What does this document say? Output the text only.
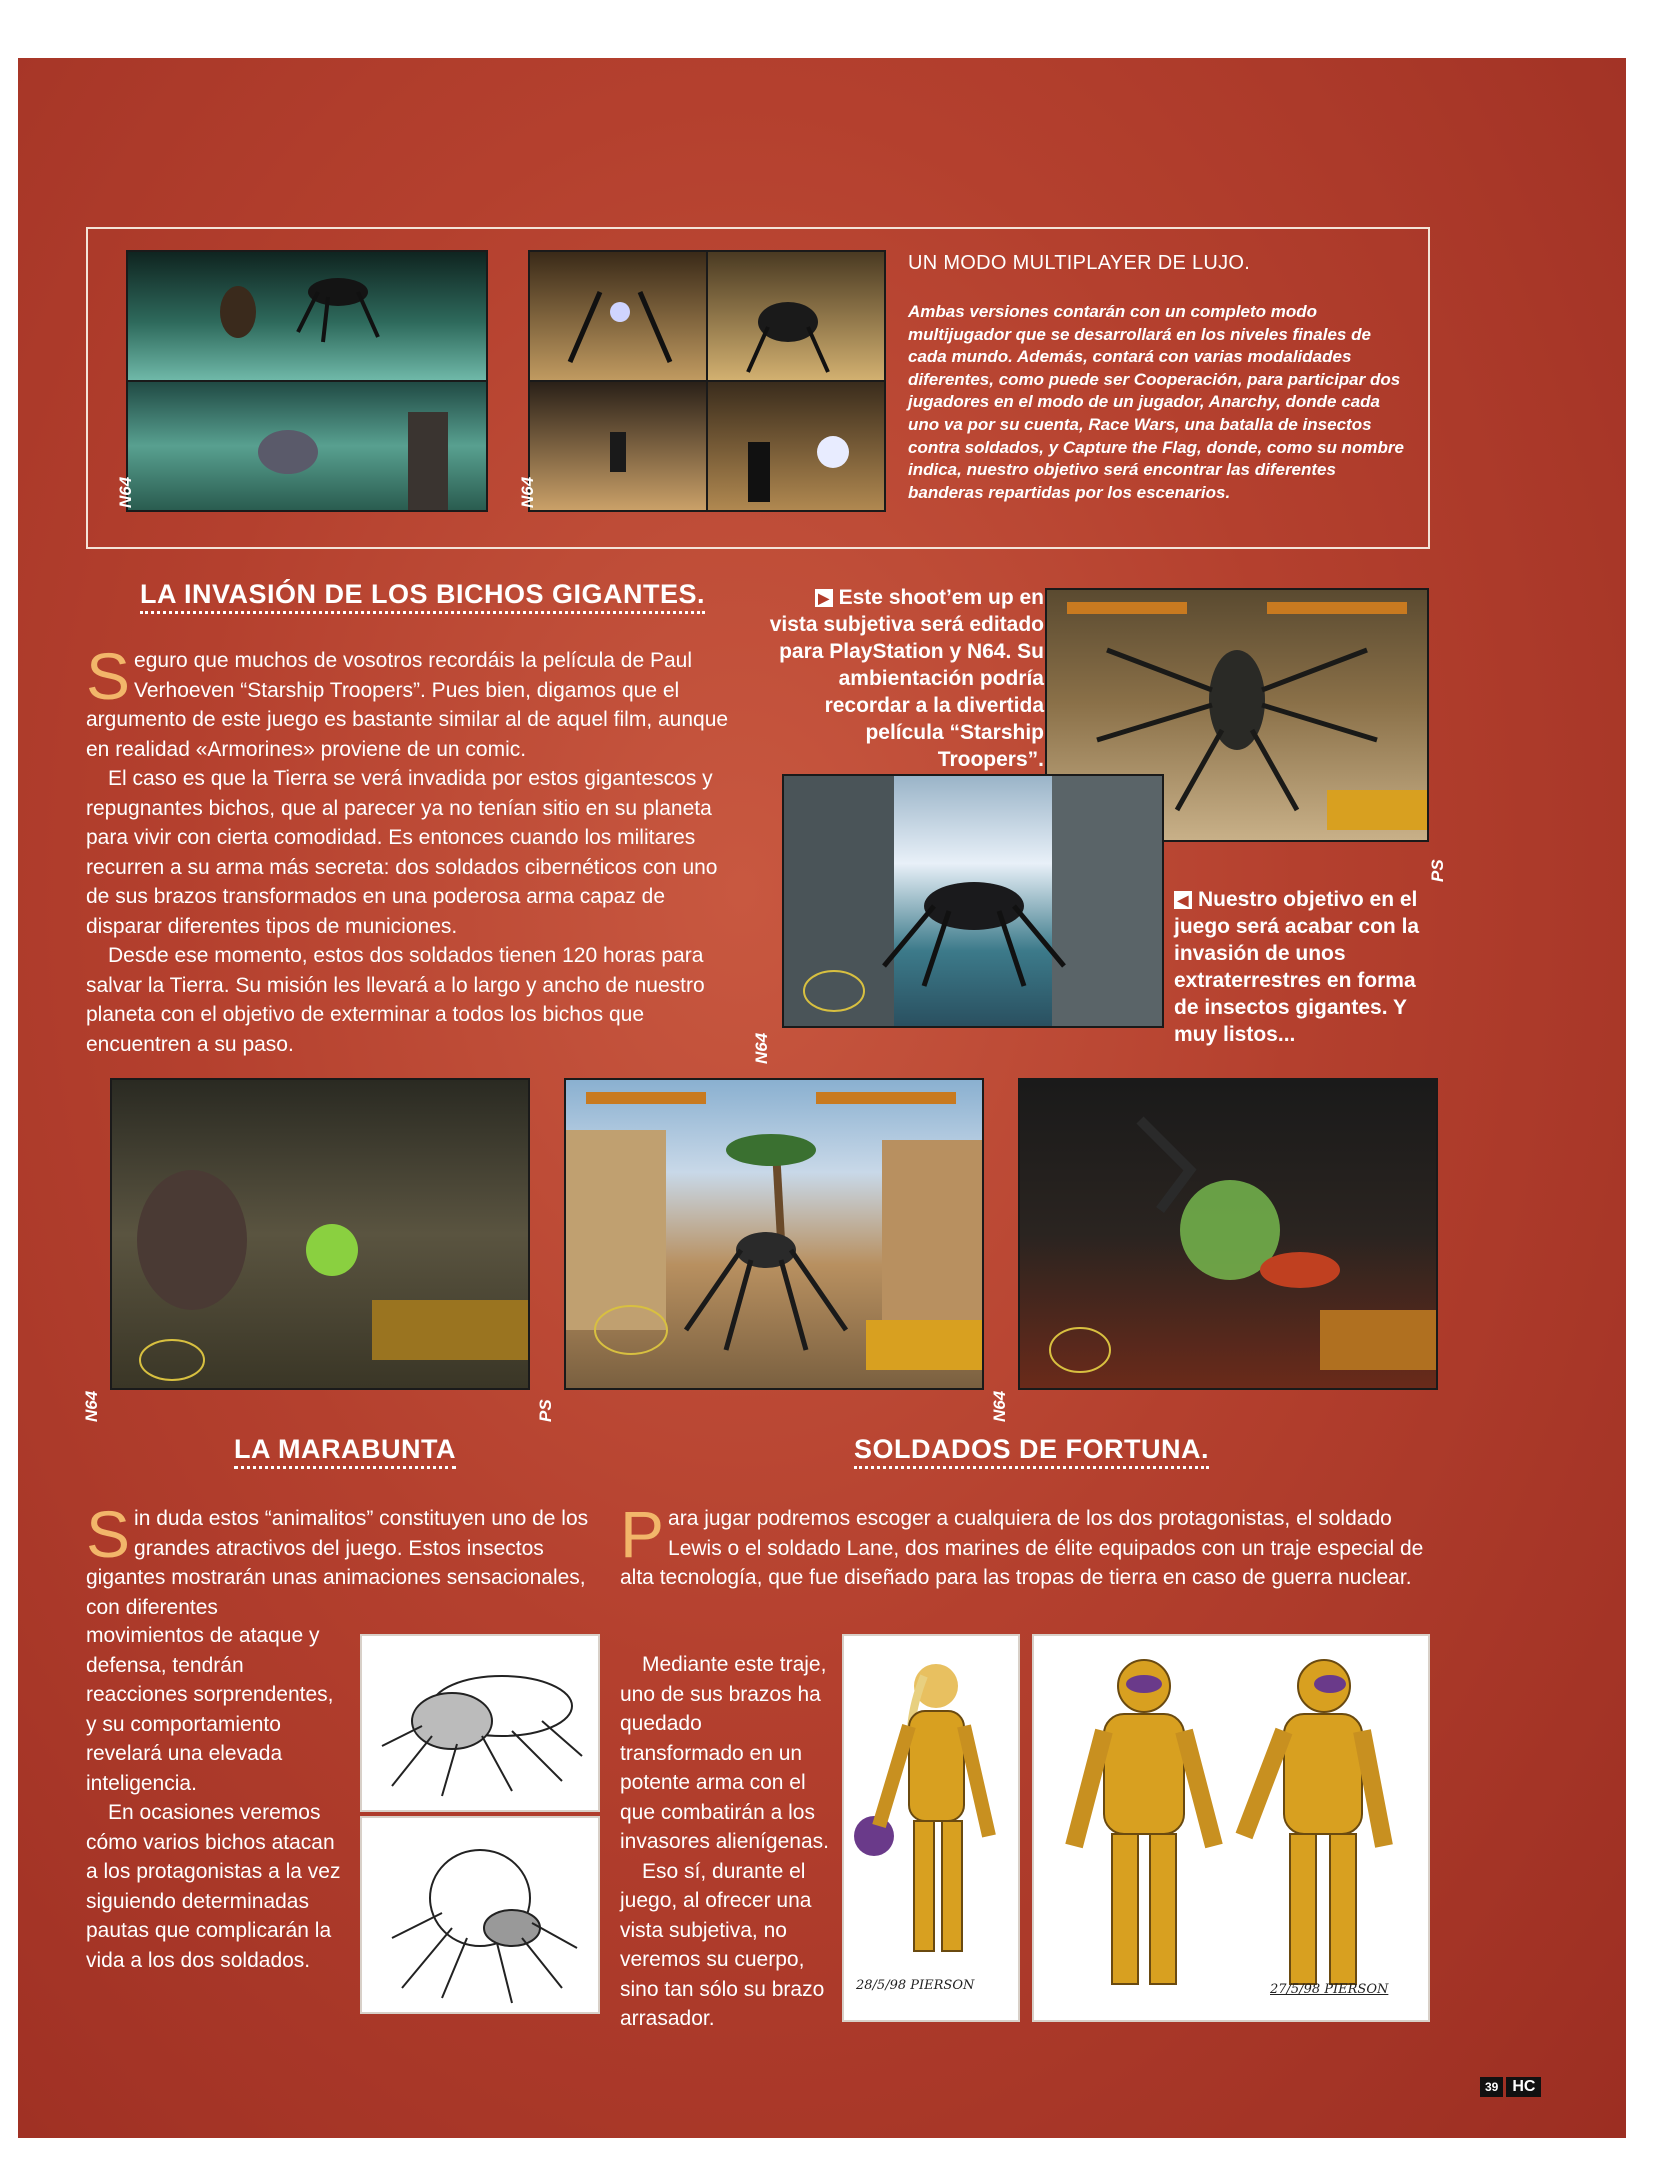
N64	N64
UN MODO MULTIPLAYER DE LUJO.
Ambas versiones contarán con un completo modo multijugador que se desarrollará en los niveles finales de cada mundo. Además, contará con varias modalidades diferentes, como puede ser Cooperación, para participar dos jugadores en el modo de un jugador, Anarchy, donde cada uno va por su cuenta, Race Wars, una batalla de insectos contra soldados, y Capture the Flag, donde, como su nombre indica, nuestro objetivo será encontrar las diferentes banderas repartidas por los escenarios.
LA INVASIÓN DE LOS BICHOS GIGANTES.

Seguro que muchos de vosotros recordáis la película de Paul Verhoeven “Starship Troopers”. Pues bien, digamos que el argumento de este juego es bastante similar al de aquel film, aunque en realidad «Armorines» proviene de un comic.

El caso es que la Tierra se verá invadida por estos gigantescos y repugnantes bichos, que al parecer ya no tenían sitio en su planeta para vivir con cierta comodidad. Es entonces cuando los militares recurren a su arma más secreta: dos soldados cibernéticos con uno de sus brazos transformados en una poderosa arma capaz de disparar diferentes tipos de municiones.

Desde ese momento, estos dos soldados tienen 120 horas para salvar la Tierra. Su misión les llevará a lo largo y ancho de nuestro planeta con el objetivo de exterminar a todos los bichos que encuentren a su paso.

▶ Este shoot’em up en vista subjetiva será editado para PlayStation y N64. Su ambientación podría recordar a la divertida película “Starship Troopers”.
PS
N64
◀ Nuestro objetivo en el juego será acabar con la invasión de unos extraterrestres en forma de insectos gigantes. Y muy listos...
N64	PS	N64
LA MARABUNTA

Sin duda estos “animalitos” constituyen uno de los grandes atractivos del juego. Estos insectos gigantes mostrarán unas animaciones sensacionales, con diferentes

movimientos de ataque y defensa, tendrán reacciones sorprendentes, y su comportamiento revelará una elevada inteligencia.

En ocasiones veremos cómo varios bichos atacan a los protagonistas a la vez siguiendo determinadas pautas que complicarán la vida a los dos soldados.

SOLDADOS DE FORTUNA.

Para jugar podremos escoger a cualquiera de los dos protagonistas, el soldado Lewis o el soldado Lane, dos marines de élite equipados con un traje especial de alta tecnología, que fue diseñado para las tropas de tierra en caso de guerra nuclear.

Mediante este traje, uno de sus brazos ha quedado transformado en un potente arma con el que combatirán a los invasores alienígenas.

Eso sí, durante el juego, al ofrecer una vista subjetiva, no veremos su cuerpo, sino tan sólo su brazo arrasador.

28/5/98 PIERSON	27/5/98 PIERSON
39 HC
